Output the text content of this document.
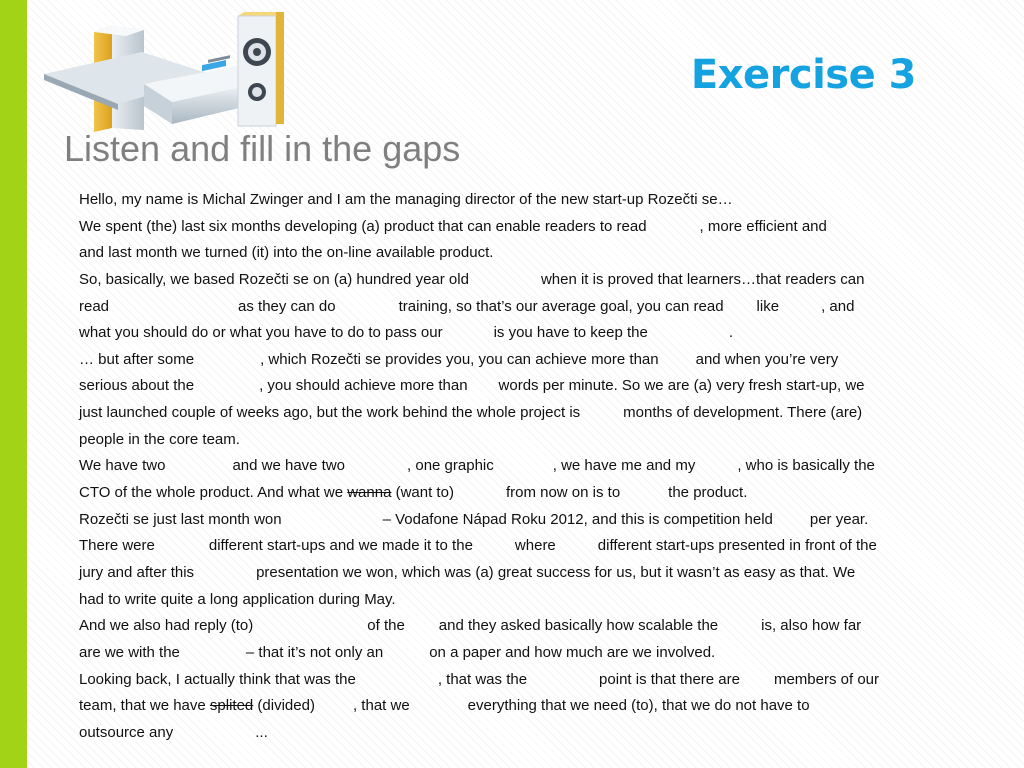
Exercise 3
Listen and fill in the gaps
Hello, my name is Michal Zwinger and I am the managing director of the new start-up Rozečti se…
We spent (the) last six months developing (a) product that can enable readers to read	, more efficient and
and last month we turned (it) into the on-line available product.
So, basically, we based Rozečti se on (a) hundred year old	when it is proved that learners…that readers can
read	as they can do	training, so that’s our average goal, you can read like	, and
what you should do or what you have to do to pass our	is you have to keep the	.
… but after some	, which Rozečti se provides you, you can achieve more than and when you’re very
serious about the	, you should achieve more than words per minute. So we are (a) very fresh start-up, we
just launched couple of weeks ago, but the work behind the whole project is	months of development. There (are)
people in the core team.
We have two	and we have two	, one graphic	, we have me and my	, who is basically the
CTO of the whole product. And what we wanna (want to)	from now on is to	the product.
Rozečti se just last month won	– Vodafone Nápad Roku 2012, and this is competition held per year.
There were	different start-ups and we made it to the	where	different start-ups presented in front of the
jury and after this	presentation we won, which was (a) great success for us, but it wasn’t as easy as that. We
had to write quite a long application during May.
And we also had reply (to)	of the and they asked basically how scalable the	is, also how far
are we with the	– that it’s not only an	on a paper and how much are we involved.
Looking back, I actually think that was the	, that was the	point is that there are members of our
team, that we have splited (divided)	, that we	everything that we need (to), that we do not have to
outsource any	...
